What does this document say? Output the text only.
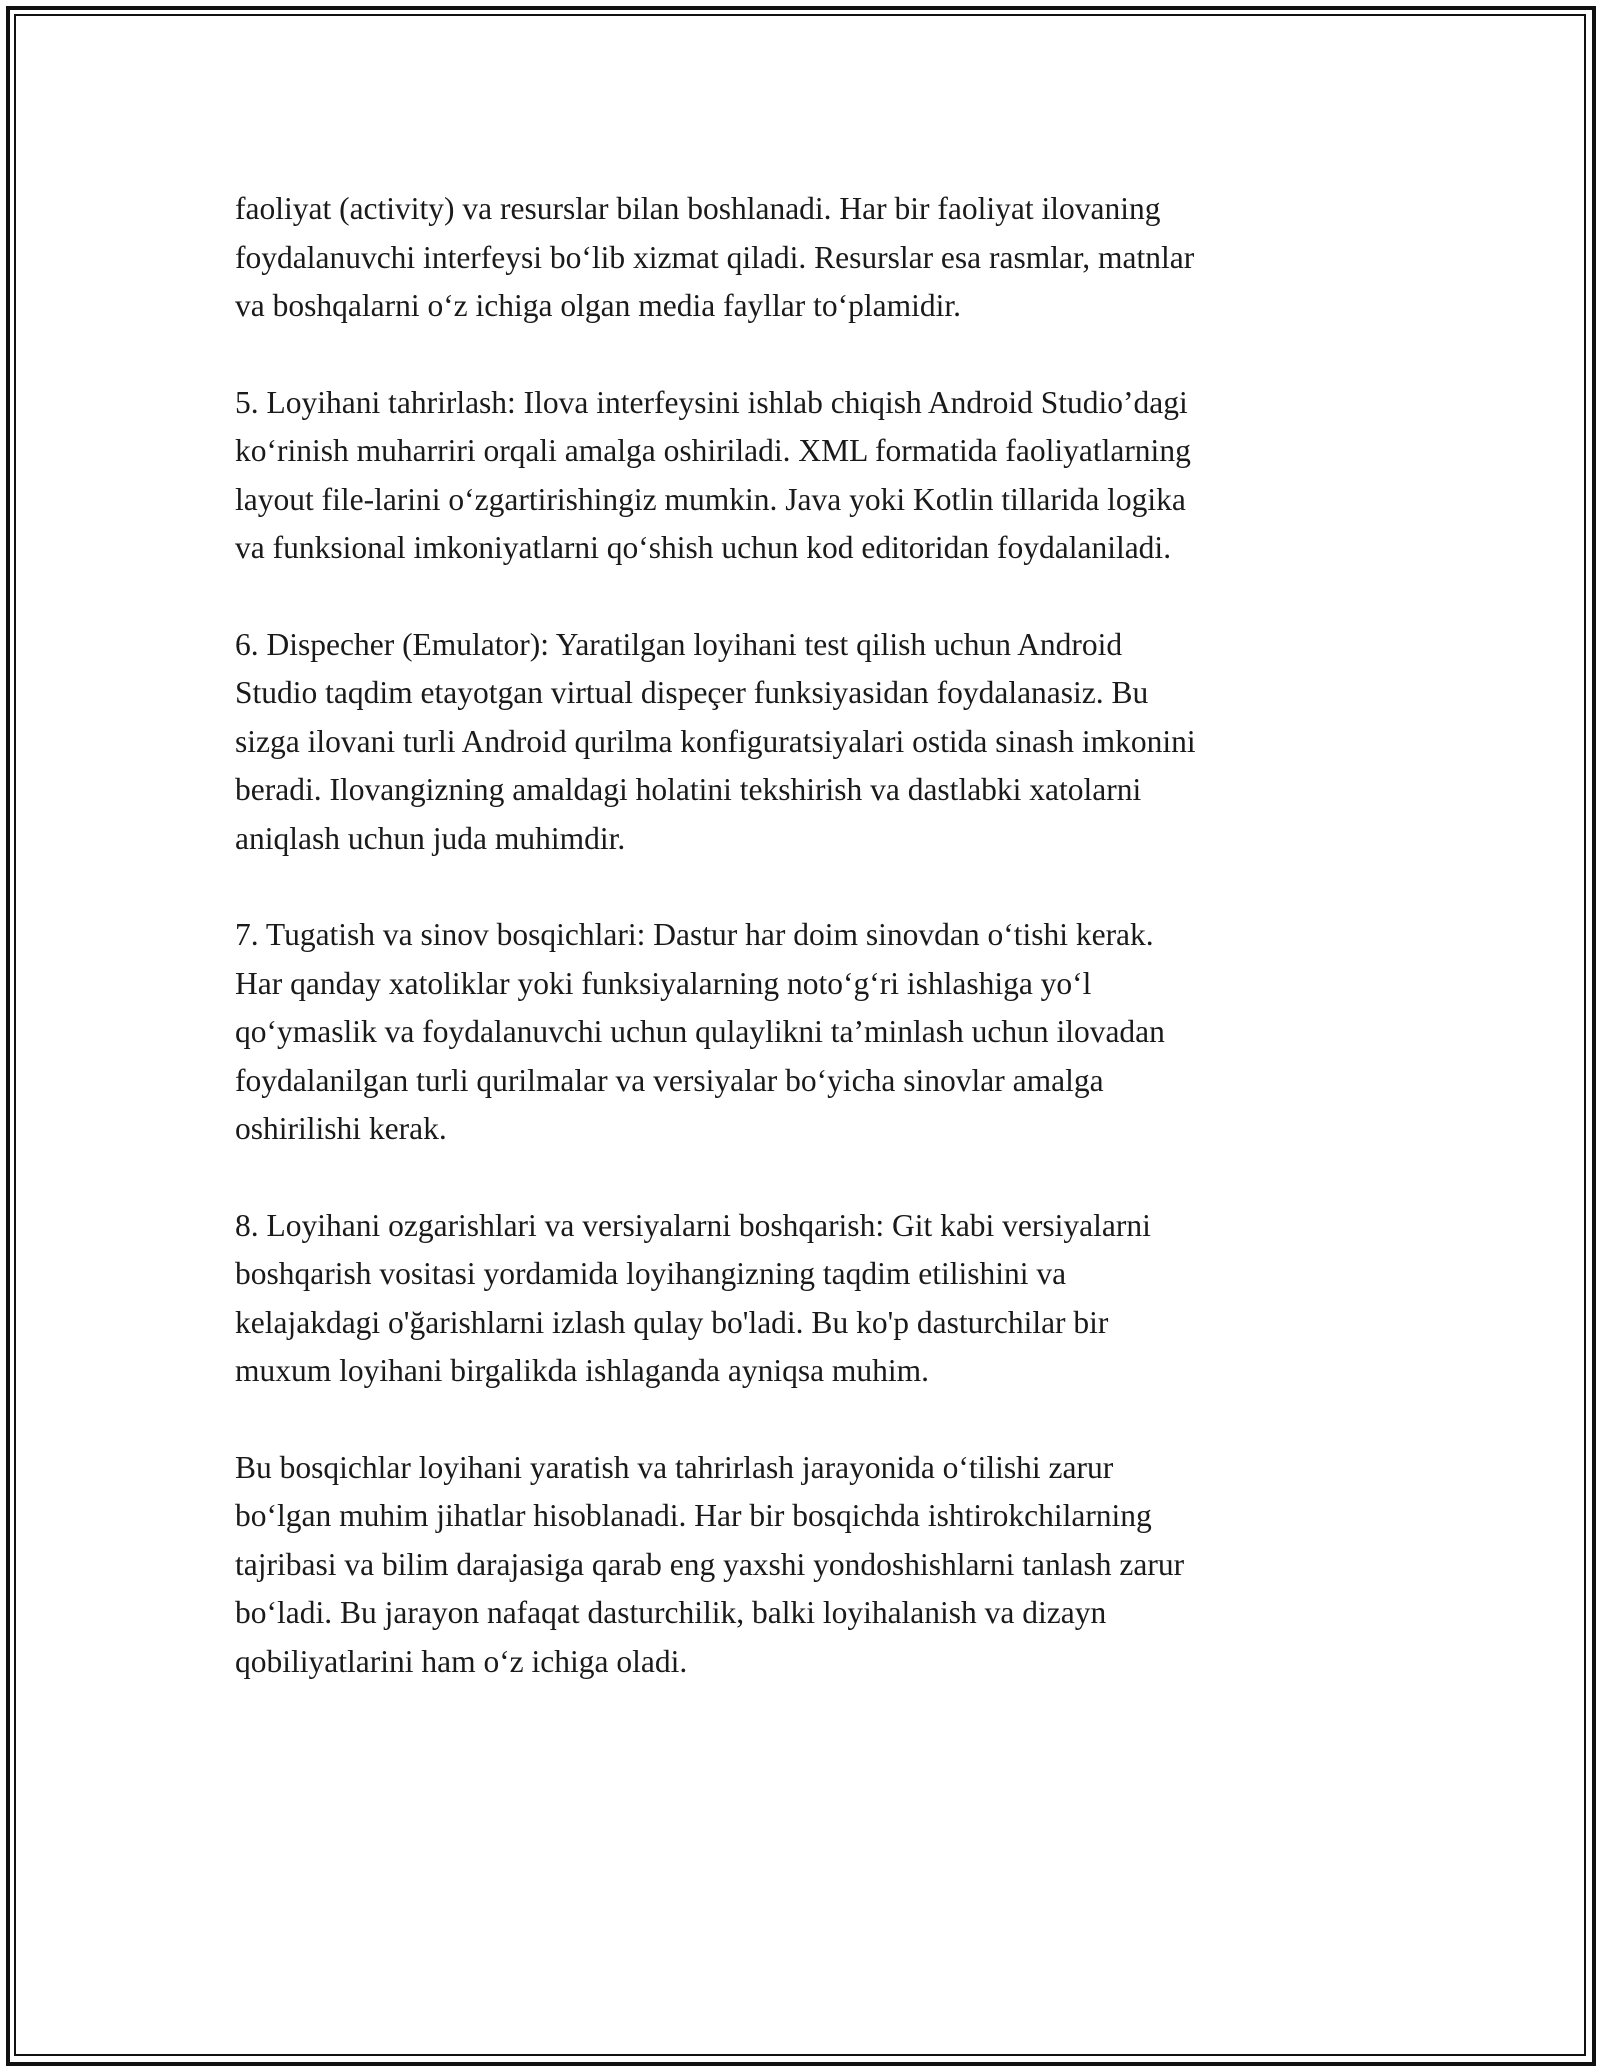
faoliyat (activity) va resurslar bilan boshlanadi. Har bir faoliyat ilovaning
foydalanuvchi interfeysi bo‘lib xizmat qiladi. Resurslar esa rasmlar, matnlar
va boshqalarni o‘z ichiga olgan media fayllar to‘plamidir.
5. Loyihani tahrirlash: Ilova interfeysini ishlab chiqish Android Studio’dagi
ko‘rinish muharriri orqali amalga oshiriladi. XML formatida faoliyatlarning
layout file-larini o‘zgartirishingiz mumkin. Java yoki Kotlin tillarida logika
va funksional imkoniyatlarni qo‘shish uchun kod editoridan foydalaniladi.
6. Dispecher (Emulator): Yaratilgan loyihani test qilish uchun Android
Studio taqdim etayotgan virtual dispeçer funksiyasidan foydalanasiz. Bu
sizga ilovani turli Android qurilma konfiguratsiyalari ostida sinash imkonini
beradi. Ilovangizning amaldagi holatini tekshirish va dastlabki xatolarni
aniqlash uchun juda muhimdir.
7. Tugatish va sinov bosqichlari: Dastur har doim sinovdan o‘tishi kerak.
Har qanday xatoliklar yoki funksiyalarning noto‘g‘ri ishlashiga yo‘l
qo‘ymaslik va foydalanuvchi uchun qulaylikni ta’minlash uchun ilovadan
foydalanilgan turli qurilmalar va versiyalar bo‘yicha sinovlar amalga
oshirilishi kerak.
8. Loyihani ozgarishlari va versiyalarni boshqarish: Git kabi versiyalarni
boshqarish vositasi yordamida loyihangizning taqdim etilishini va
kelajakdagi o'ğarishlarni izlash qulay bo'ladi. Bu ko'p dasturchilar bir
muxum loyihani birgalikda ishlaganda ayniqsa muhim.
Bu bosqichlar loyihani yaratish va tahrirlash jarayonida o‘tilishi zarur
bo‘lgan muhim jihatlar hisoblanadi. Har bir bosqichda ishtirokchilarning
tajribasi va bilim darajasiga qarab eng yaxshi yondoshishlarni tanlash zarur
bo‘ladi. Bu jarayon nafaqat dasturchilik, balki loyihalanish va dizayn
qobiliyatlarini ham o‘z ichiga oladi.
